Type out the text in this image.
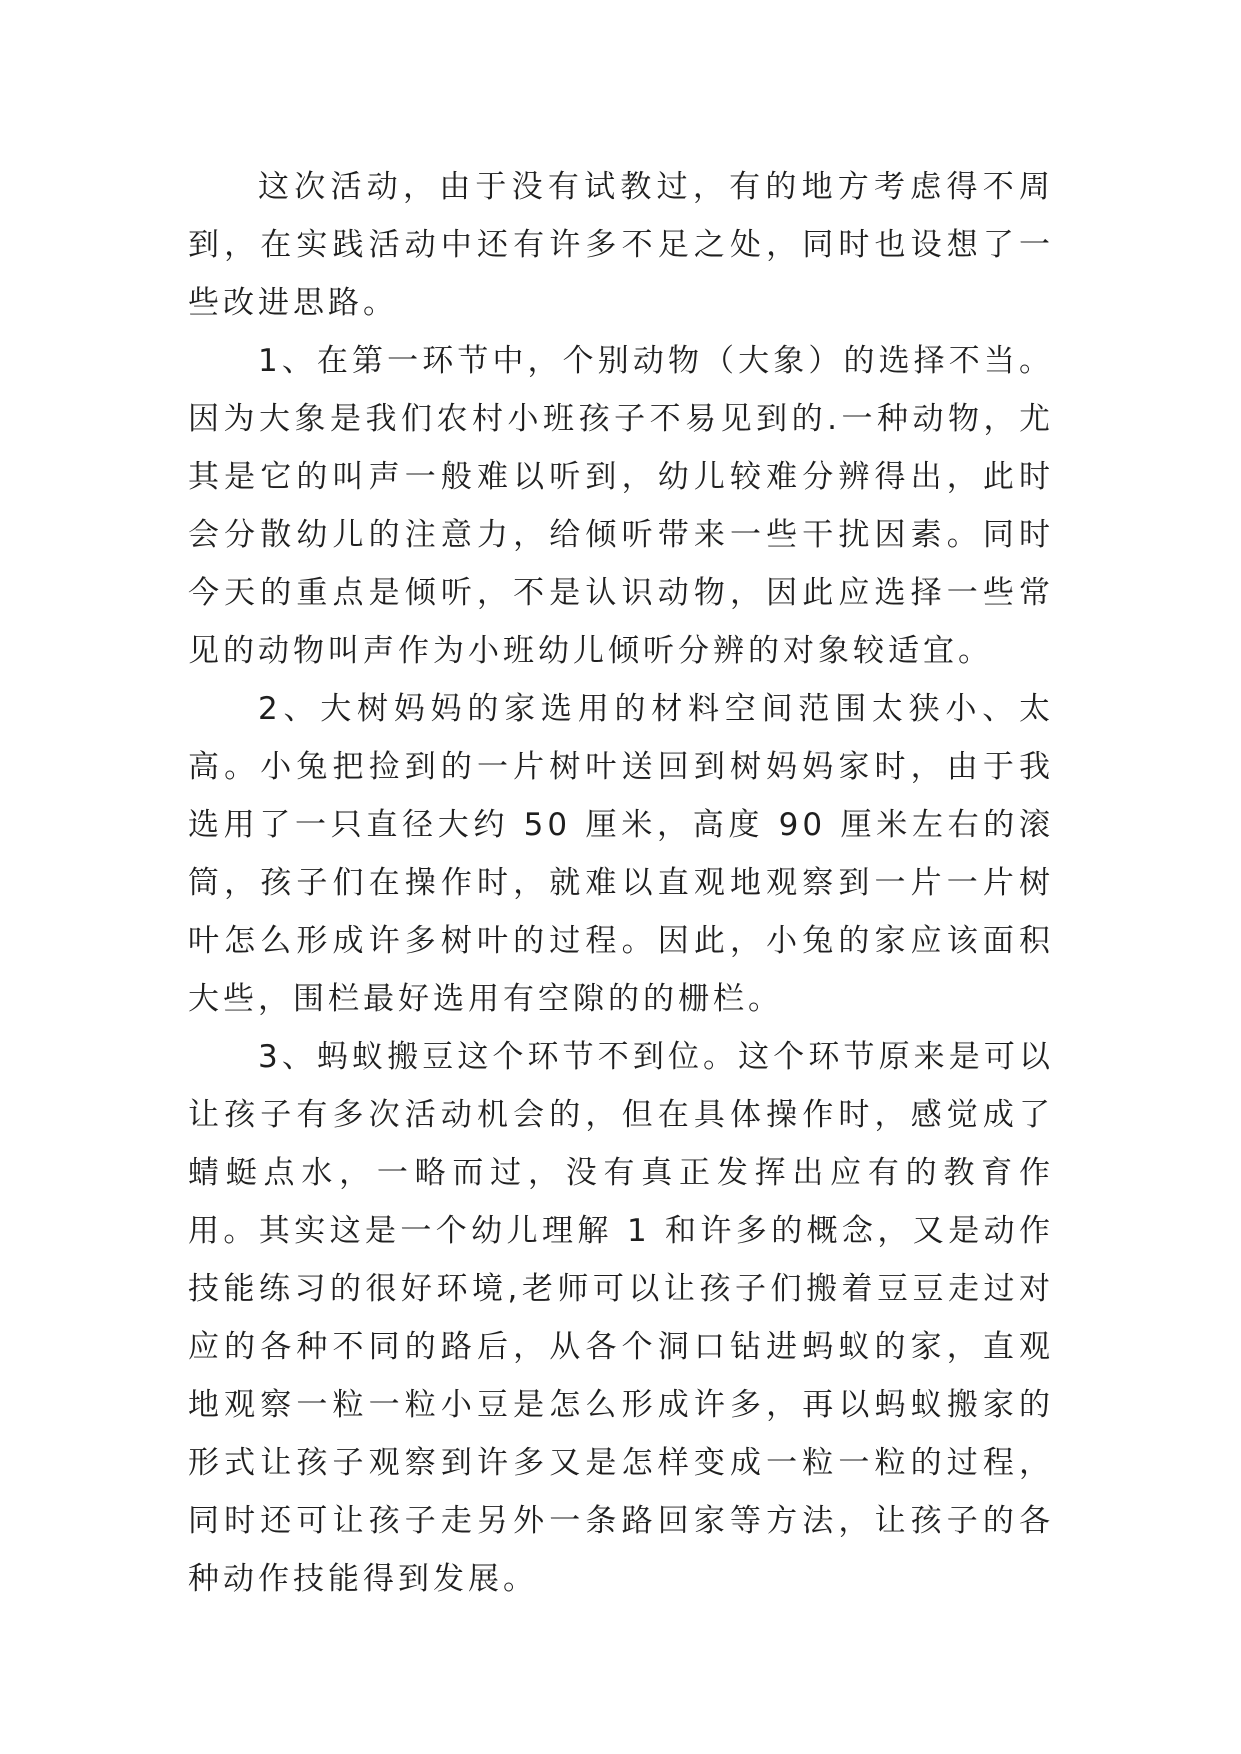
这次活动，由于没有试教过，有的地方考虑得不周到，在实践活动中还有许多不足之处，同时也设想了一些改进思路。

1、在第一环节中，个别动物（大象）的选择不当。因为大象是我们农村小班孩子不易见到的.一种动物，尤其是它的叫声一般难以听到，幼儿较难分辨得出，此时会分散幼儿的注意力，给倾听带来一些干扰因素。同时今天的重点是倾听，不是认识动物，因此应选择一些常见的动物叫声作为小班幼儿倾听分辨的对象较适宜。

2、大树妈妈的家选用的材料空间范围太狭小、太高。小兔把捡到的一片树叶送回到树妈妈家时，由于我选用了一只直径大约 50 厘米，高度 90 厘米左右的滚筒，孩子们在操作时，就难以直观地观察到一片一片树叶怎么形成许多树叶的过程。因此，小兔的家应该面积大些，围栏最好选用有空隙的的栅栏。

3、蚂蚁搬豆这个环节不到位。这个环节原来是可以让孩子有多次活动机会的，但在具体操作时，感觉成了蜻蜓点水，一略而过，没有真正发挥出应有的教育作用。其实这是一个幼儿理解 1 和许多的概念，又是动作技能练习的很好环境,老师可以让孩子们搬着豆豆走过对应的各种不同的路后，从各个洞口钻进蚂蚁的家，直观地观察一粒一粒小豆是怎么形成许多，再以蚂蚁搬家的形式让孩子观察到许多又是怎样变成一粒一粒的过程，同时还可让孩子走另外一条路回家等方法，让孩子的各种动作技能得到发展。
